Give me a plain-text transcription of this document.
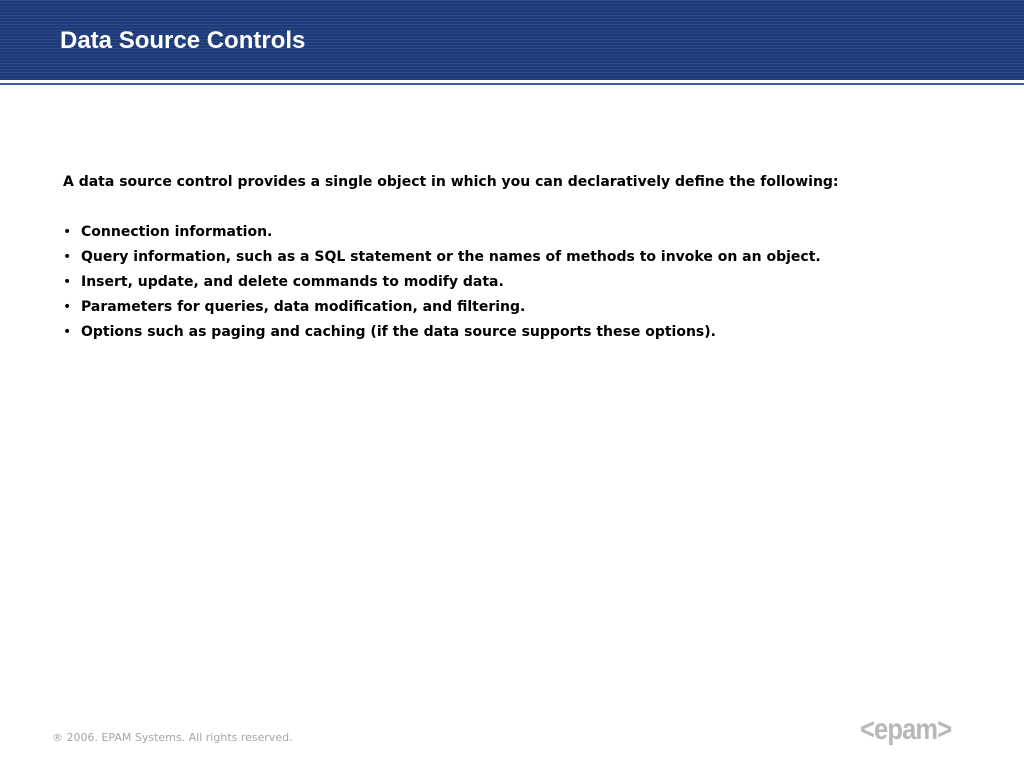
Data Source Controls

A data source control provides a single object in which you can declaratively define the following:

• Connection information.
• Query information, such as a SQL statement or the names of methods to invoke on an object.
• Insert, update, and delete commands to modify data.
• Parameters for queries, data modification, and filtering.
• Options such as paging and caching (if the data source supports these options).
® 2006. EPAM Systems. All rights reserved.	<epam>
